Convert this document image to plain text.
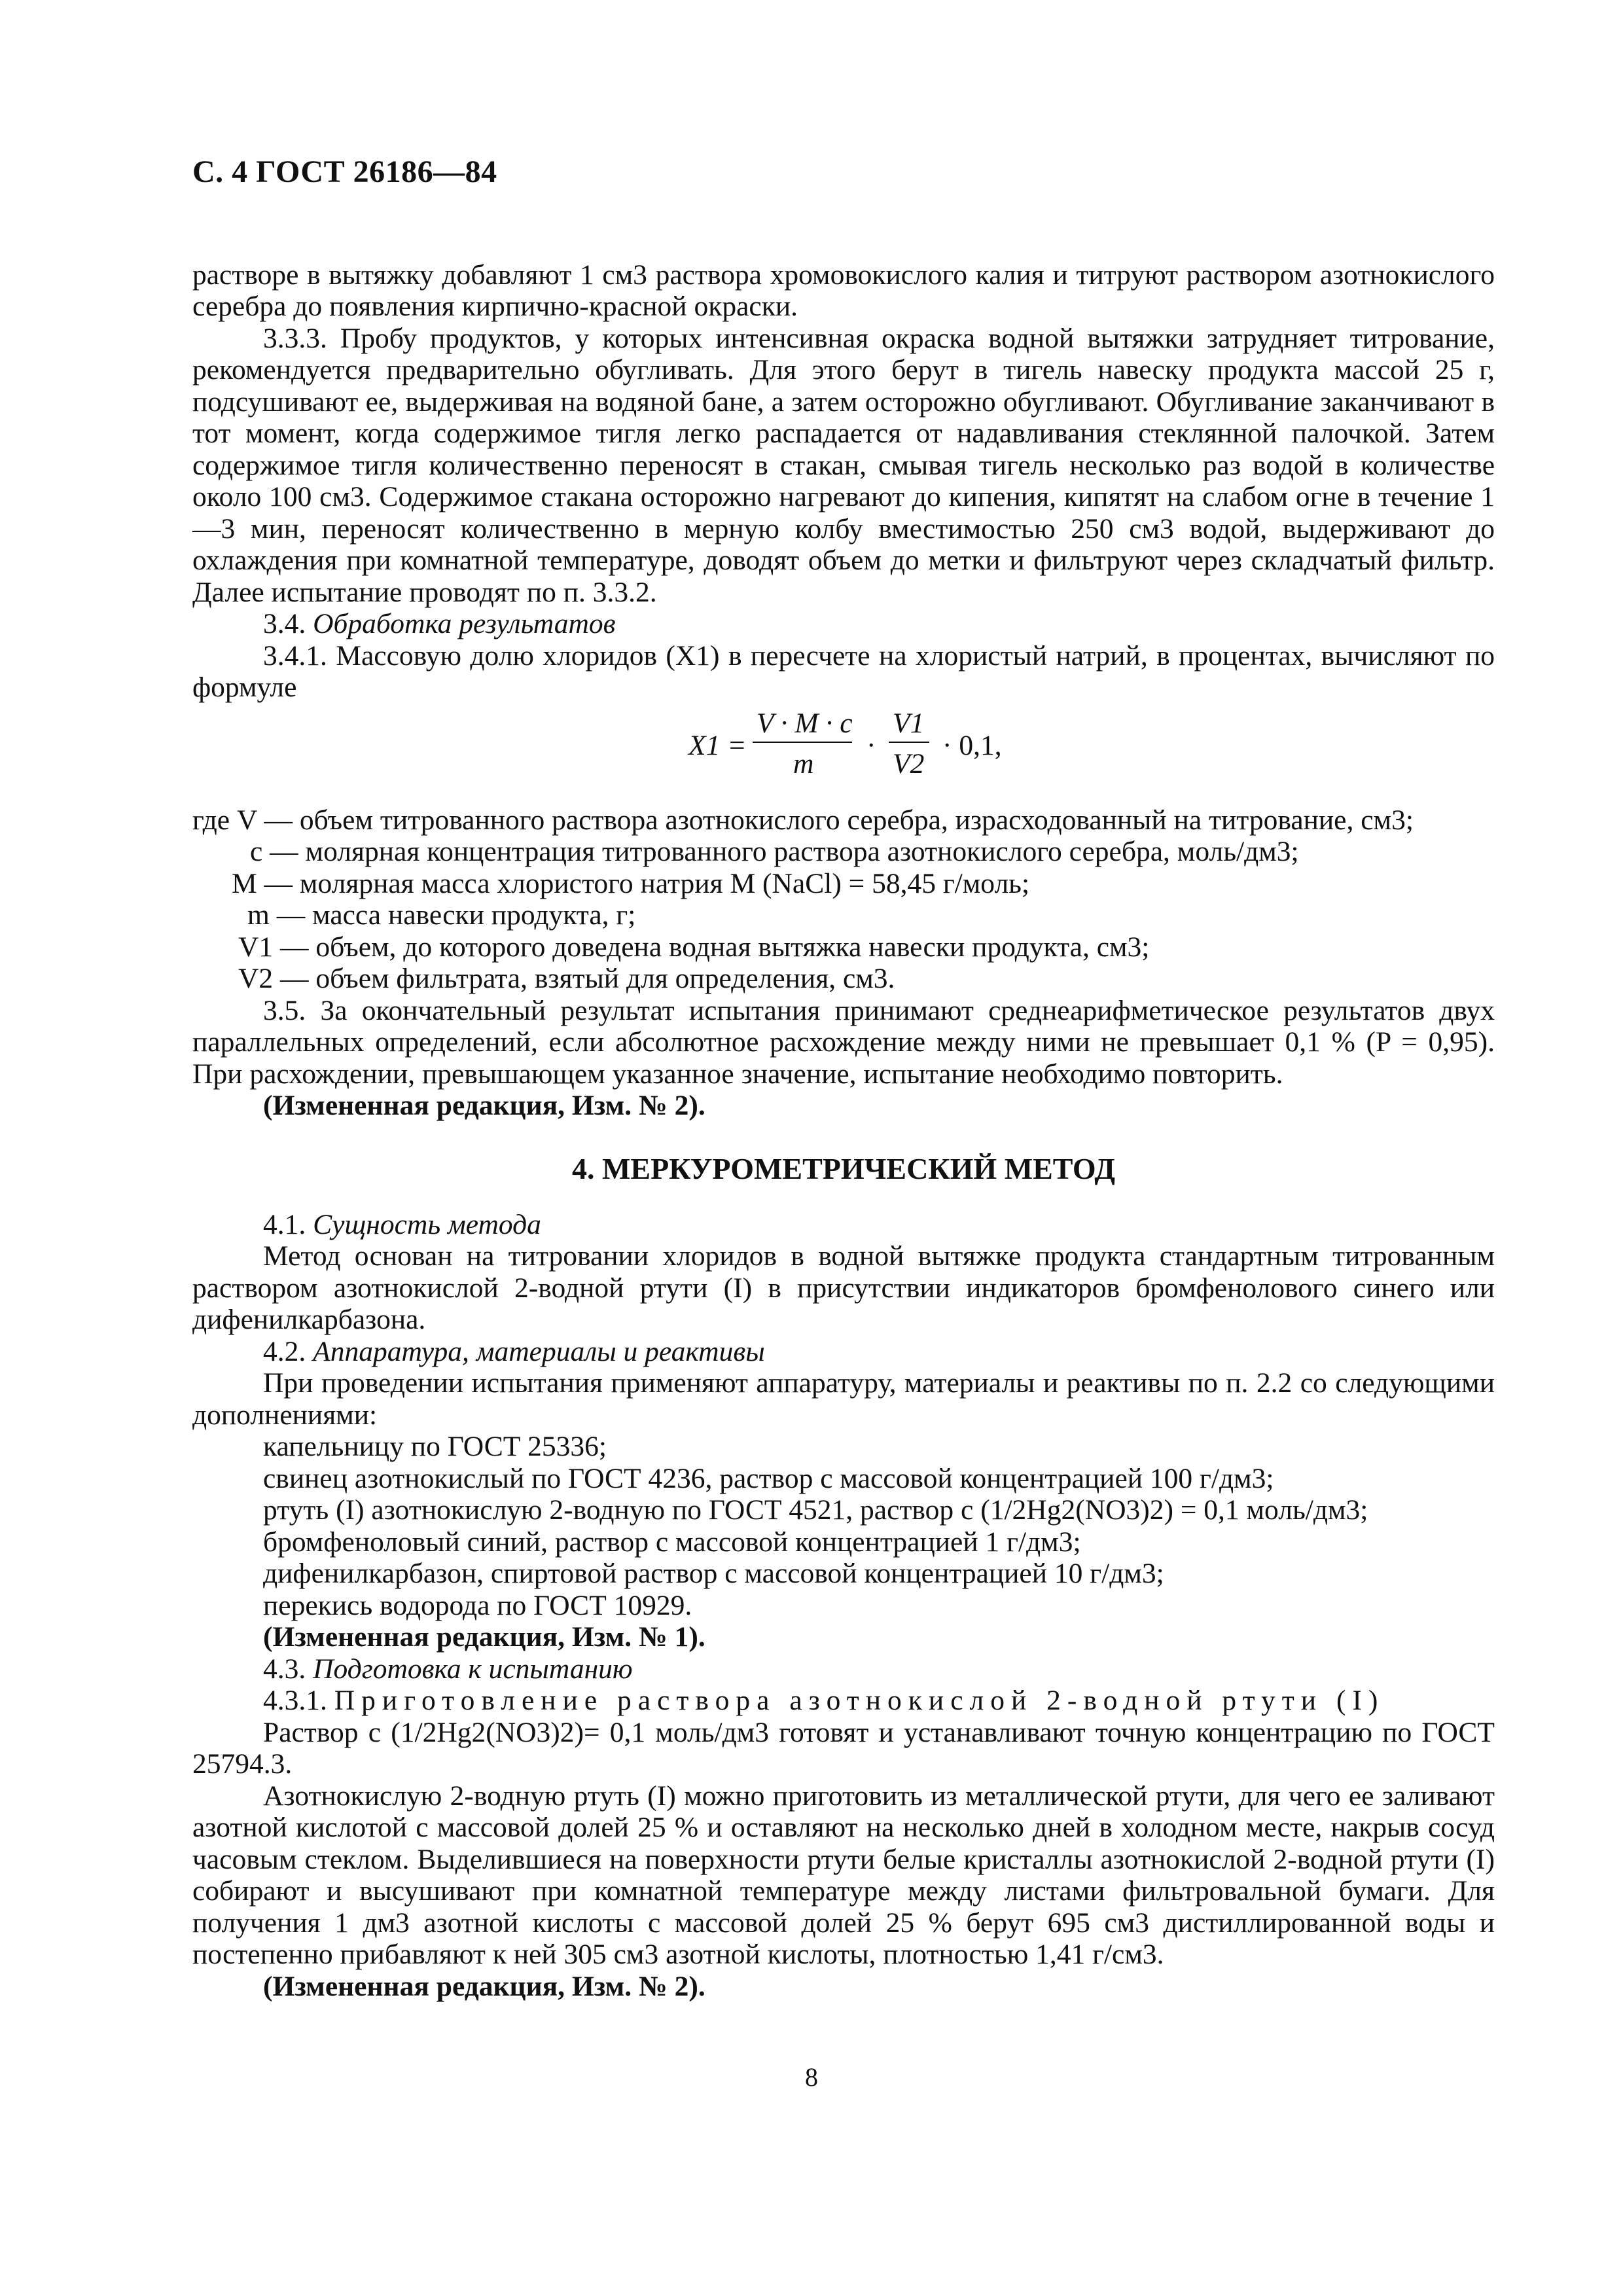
С. 4 ГОСТ 26186—84

растворе в вытяжку добавляют 1 см3 раствора хромовокислого калия и титруют раствором азотнокислого серебра до появления кирпично-красной окраски.

3.3.3. Пробу продуктов, у которых интенсивная окраска водной вытяжки затрудняет титрование, рекомендуется предварительно обугливать. Для этого берут в тигель навеску продукта массой 25 г, подсушивают ее, выдерживая на водяной бане, а затем осторожно обугливают. Обугливание заканчивают в тот момент, когда содержимое тигля легко распадается от надавливания стеклянной палочкой. Затем содержимое тигля количественно переносят в стакан, смывая тигель несколько раз водой в количестве около 100 см3. Содержимое стакана осторожно нагревают до кипения, кипятят на слабом огне в течение 1—3 мин, переносят количественно в мерную колбу вместимостью 250 см3 водой, выдерживают до охлаждения при комнатной температуре, доводят объем до метки и фильтруют через складчатый фильтр. Далее испытание проводят по п. 3.3.2.

3.4. Обработка результатов

3.4.1. Массовую долю хлоридов (X1) в пересчете на хлористый натрий, в процентах, вычисляют по формуле

X1 =
V · M · c
m
·
V1
V2
· 0,1,

где V — объем титрованного раствора азотнокислого серебра, израсходованный на титрование, см3;

c — молярная концентрация титрованного раствора азотнокислого серебра, моль/дм3;

M — молярная масса хлористого натрия M (NaCl) = 58,45 г/моль;

m — масса навески продукта, г;

V1 — объем, до которого доведена водная вытяжка навески продукта, см3;

V2 — объем фильтрата, взятый для определения, см3.

3.5. За окончательный результат испытания принимают среднеарифметическое результатов двух параллельных определений, если абсолютное расхождение между ними не превышает 0,1 % (P = 0,95). При расхождении, превышающем указанное значение, испытание необходимо повторить.

(Измененная редакция, Изм. № 2).

4. МЕРКУРОМЕТРИЧЕСКИЙ МЕТОД

4.1. Сущность метода

Метод основан на титровании хлоридов в водной вытяжке продукта стандартным титрованным раствором азотнокислой 2-водной ртути (I) в присутствии индикаторов бромфенолового синего или дифенилкарбазона.

4.2. Аппаратура, материалы и реактивы

При проведении испытания применяют аппаратуру, материалы и реактивы по п. 2.2 со следующими дополнениями:

капельницу по ГОСТ 25336;

свинец азотнокислый по ГОСТ 4236, раствор с массовой концентрацией 100 г/дм3;

ртуть (I) азотнокислую 2-водную по ГОСТ 4521, раствор c (1/2Hg2(NO3)2) = 0,1 моль/дм3;

бромфеноловый синий, раствор с массовой концентрацией 1 г/дм3;

дифенилкарбазон, спиртовой раствор с массовой концентрацией 10 г/дм3;

перекись водорода по ГОСТ 10929.

(Измененная редакция, Изм. № 1).

4.3. Подготовка к испытанию

4.3.1. Приготовление раствора азотнокислой 2-водной ртути (I)

Раствор c (1/2Hg2(NO3)2)= 0,1 моль/дм3 готовят и устанавливают точную концентрацию по ГОСТ 25794.3.

Азотнокислую 2-водную ртуть (I) можно приготовить из металлической ртути, для чего ее заливают азотной кислотой с массовой долей 25 % и оставляют на несколько дней в холодном месте, накрыв сосуд часовым стеклом. Выделившиеся на поверхности ртути белые кристаллы азотнокислой 2-водной ртути (I) собирают и высушивают при комнатной температуре между листами фильтровальной бумаги. Для получения 1 дм3 азотной кислоты с массовой долей 25 % берут 695 см3 дистиллированной воды и постепенно прибавляют к ней 305 см3 азотной кислоты, плотностью 1,41 г/см3.

(Измененная редакция, Изм. № 2).

8
